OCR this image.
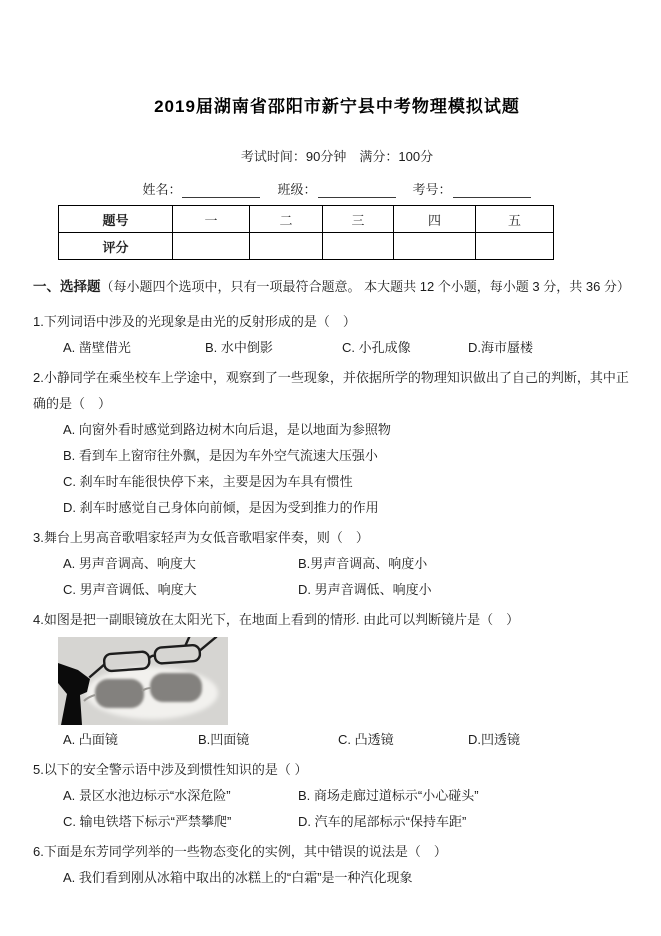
2019届湖南省邵阳市新宁县中考物理模拟试题

考试时间：90分钟　满分：100分

姓名：	班级：	考号：

题号	一	二	三	四	五
评分					

一、选择题（每小题四个选项中，只有一项最符合题意。 本大题共 12 个小题，每小题 3 分，共 36 分）

1.下列词语中涉及的光现象是由光的反射形成的是（　）

A. 凿壁借光	B. 水中倒影	C. 小孔成像	D.海市蜃楼

2.小静同学在乘坐校车上学途中，观察到了一些现象，并依据所学的物理知识做出了自己的判断，其中正确的是（　）

A. 向窗外看时感觉到路边树木向后退，是以地面为参照物

B. 看到车上窗帘往外飘，是因为车外空气流速大压强小

C. 刹车时车能很快停下来，主要是因为车具有惯性

D. 刹车时感觉自己身体向前倾，是因为受到推力的作用

3.舞台上男高音歌唱家轻声为女低音歌唱家伴奏，则（　）

A. 男声音调高、响度大	B.男声音调高、响度小
C. 男声音调低、响度大	D. 男声音调低、响度小

4.如图是把一副眼镜放在太阳光下，在地面上看到的情形. 由此可以判断镜片是（　）

A. 凸面镜	B.凹面镜	C. 凸透镜	D.凹透镜

5.以下的安全警示语中涉及到惯性知识的是（ ）

A. 景区水池边标示“水深危险”	B. 商场走廊过道标示“小心碰头”
C. 输电铁塔下标示“严禁攀爬”	D. 汽车的尾部标示“保持车距”

6.下面是东芳同学列举的一些物态变化的实例，其中错误的说法是（　）

A. 我们看到刚从冰箱中取出的冰糕上的“白霜”是一种汽化现象
